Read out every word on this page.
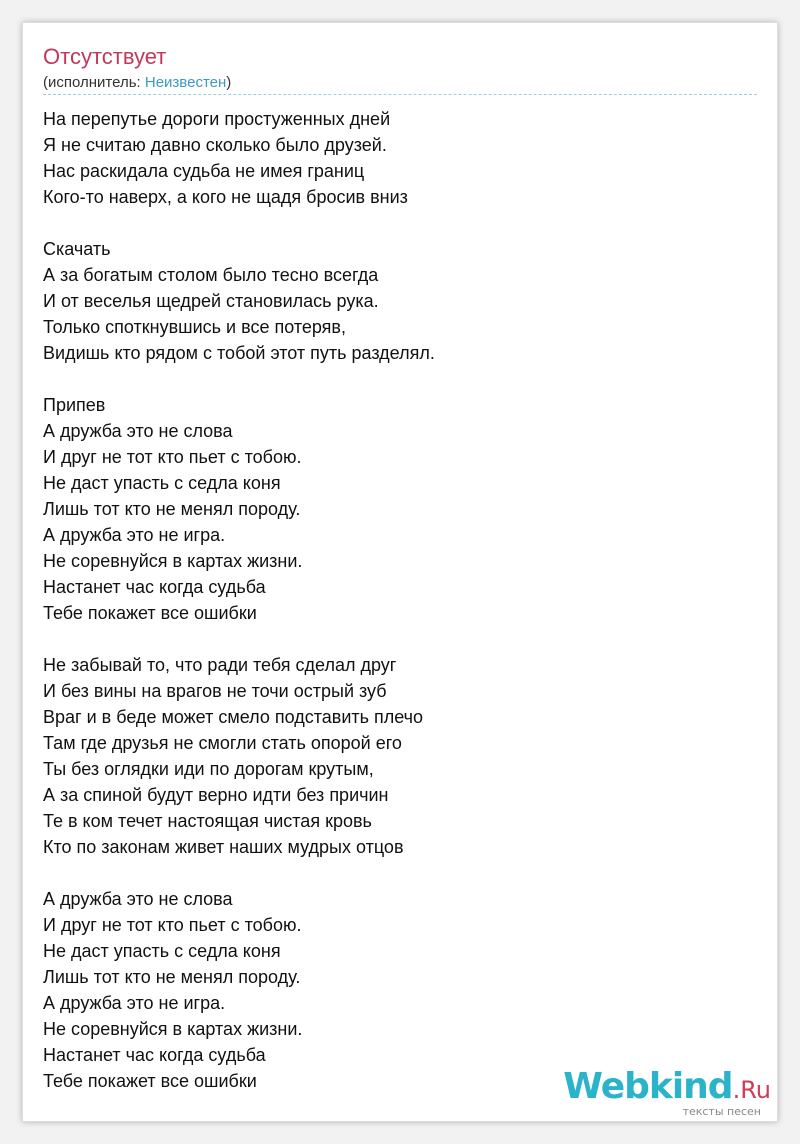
Отсутствует
(исполнитель: Неизвестен)
На перепутье дороги простуженных дней
Я не считаю давно сколько было друзей.
Нас раскидала судьба не имея границ
Кого-то наверх, а кого не щадя бросив вниз
Скачать
А за богатым столом было тесно всегда
И от веселья щедрей становилась рука.
Только споткнувшись и все потеряв,
Видишь кто рядом с тобой этот путь разделял.
Припев
А дружба это не слова
И друг не тот кто пьет с тобою.
Не даст упасть с седла коня
Лишь тот кто не менял породу.
А дружба это не игра.
Не соревнуйся в картах жизни.
Настанет час когда судьба
Тебе покажет все ошибки
Не забывай то, что ради тебя сделал друг
И без вины на врагов не точи острый зуб
Враг и в беде может смело подставить плечо
Там где друзья не смогли стать опорой его
Ты без оглядки иди по дорогам крутым,
А за спиной будут верно идти без причин
Те в ком течет настоящая чистая кровь
Кто по законам живет наших мудрых отцов
А дружба это не слова
И друг не тот кто пьет с тобою.
Не даст упасть с седла коня
Лишь тот кто не менял породу.
А дружба это не игра.
Не соревнуйся в картах жизни.
Настанет час когда судьба
Тебе покажет все ошибки	Webkind.Ru
тексты песен
